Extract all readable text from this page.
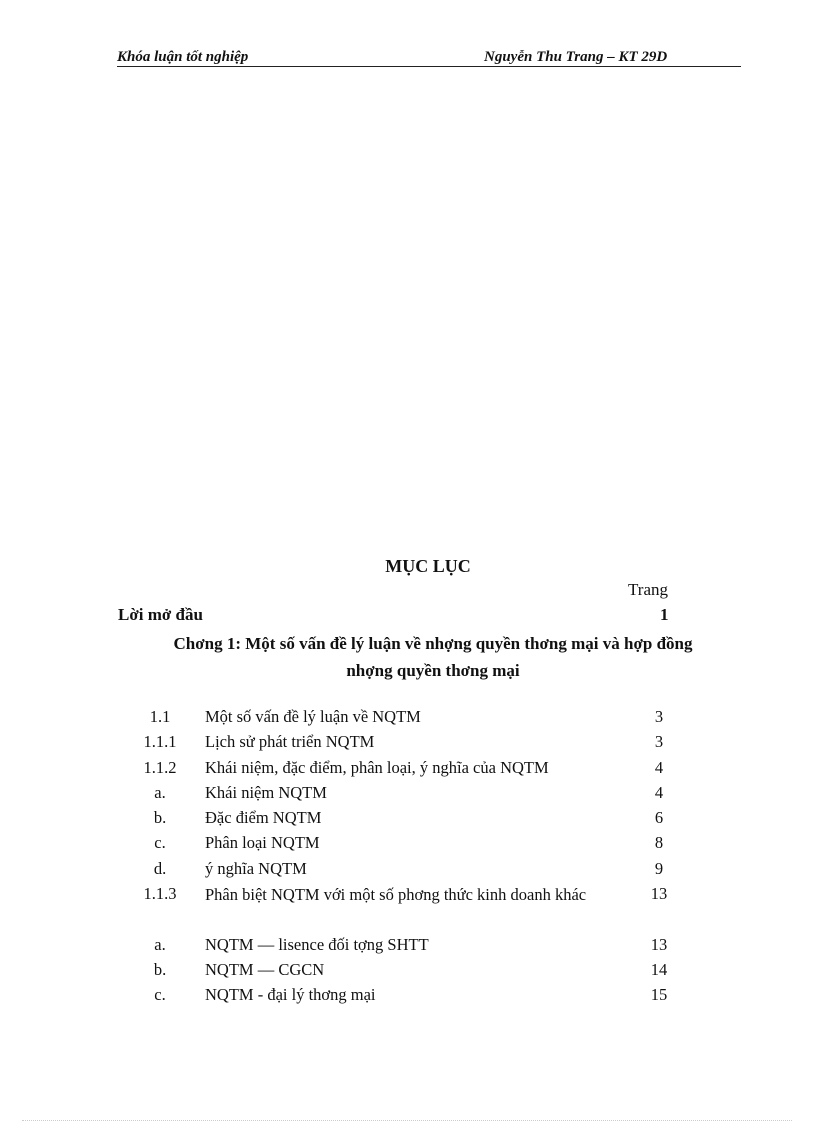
Khóa luận tốt nghiệp	Nguyễn Thu Trang – KT 29D
MỤC LỤC
Trang
Lời mở đầu	1
Chơng 1: Một số vấn đề lý luận về nhợng quyền thơng mại và hợp đồng
nhợng quyền thơng mại
1.1	Một số vấn đề lý luận về NQTM	3
1.1.1	Lịch sử phát triển NQTM	3
1.1.2	Khái niệm, đặc điểm, phân loại, ý nghĩa của NQTM	4
a.	Khái niệm NQTM	4
b.	Đặc điểm NQTM	6
c.	Phân loại NQTM	8
d.	ý nghĩa NQTM	9
1.1.3	Phân biệt NQTM với một số phơng thức kinh doanh khác	13
a.	NQTM — lisence đối tợng SHTT	13
b.	NQTM — CGCN	14
c.	NQTM - đại lý thơng mại	15
